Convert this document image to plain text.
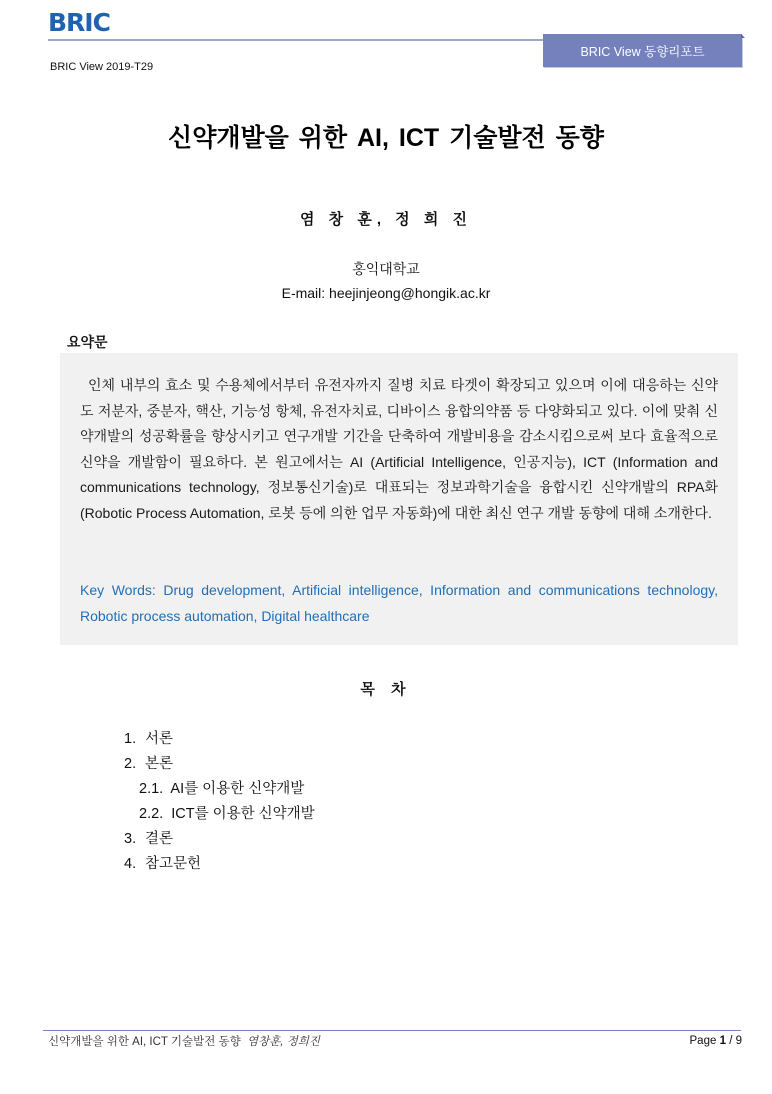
BRIC
BRIC View 2019-T29
BRIC View 동향리포트
신약개발을 위한 AI, ICT 기술발전 동향
염 창 훈, 정 희 진
홍익대학교
E-mail: heejinjeong@hongik.ac.kr
요약문
인체 내부의 효소 및 수용체에서부터 유전자까지 질병 치료 타겟이 확장되고 있으며 이에 대응하는 신약도 저분자, 중분자, 핵산, 기능성 항체, 유전자치료, 디바이스 융합의약품 등 다양화되고 있다. 이에 맞춰 신약개발의 성공확률을 향상시키고 연구개발 기간을 단축하여 개발비용을 감소시킴으로써 보다 효율적으로 신약을 개발함이 필요하다. 본 원고에서는 AI (Artificial Intelligence, 인공지능), ICT (Information and communications technology, 정보통신기술)로 대표되는 정보과학기술을 융합시킨 신약개발의 RPA화(Robotic Process Automation, 로봇 등에 의한 업무 자동화)에 대한 최신 연구 개발 동향에 대해 소개한다.
Key Words: Drug development, Artificial intelligence, Information and communications technology, Robotic process automation, Digital healthcare
목 차
1. 서론
2. 본론
2.1. AI를 이용한 신약개발
2.2. ICT를 이용한 신약개발
3. 결론
4. 참고문헌
신약개발을 위한 AI, ICT 기술발전 동향 염창훈, 정희진	Page 1 / 9
